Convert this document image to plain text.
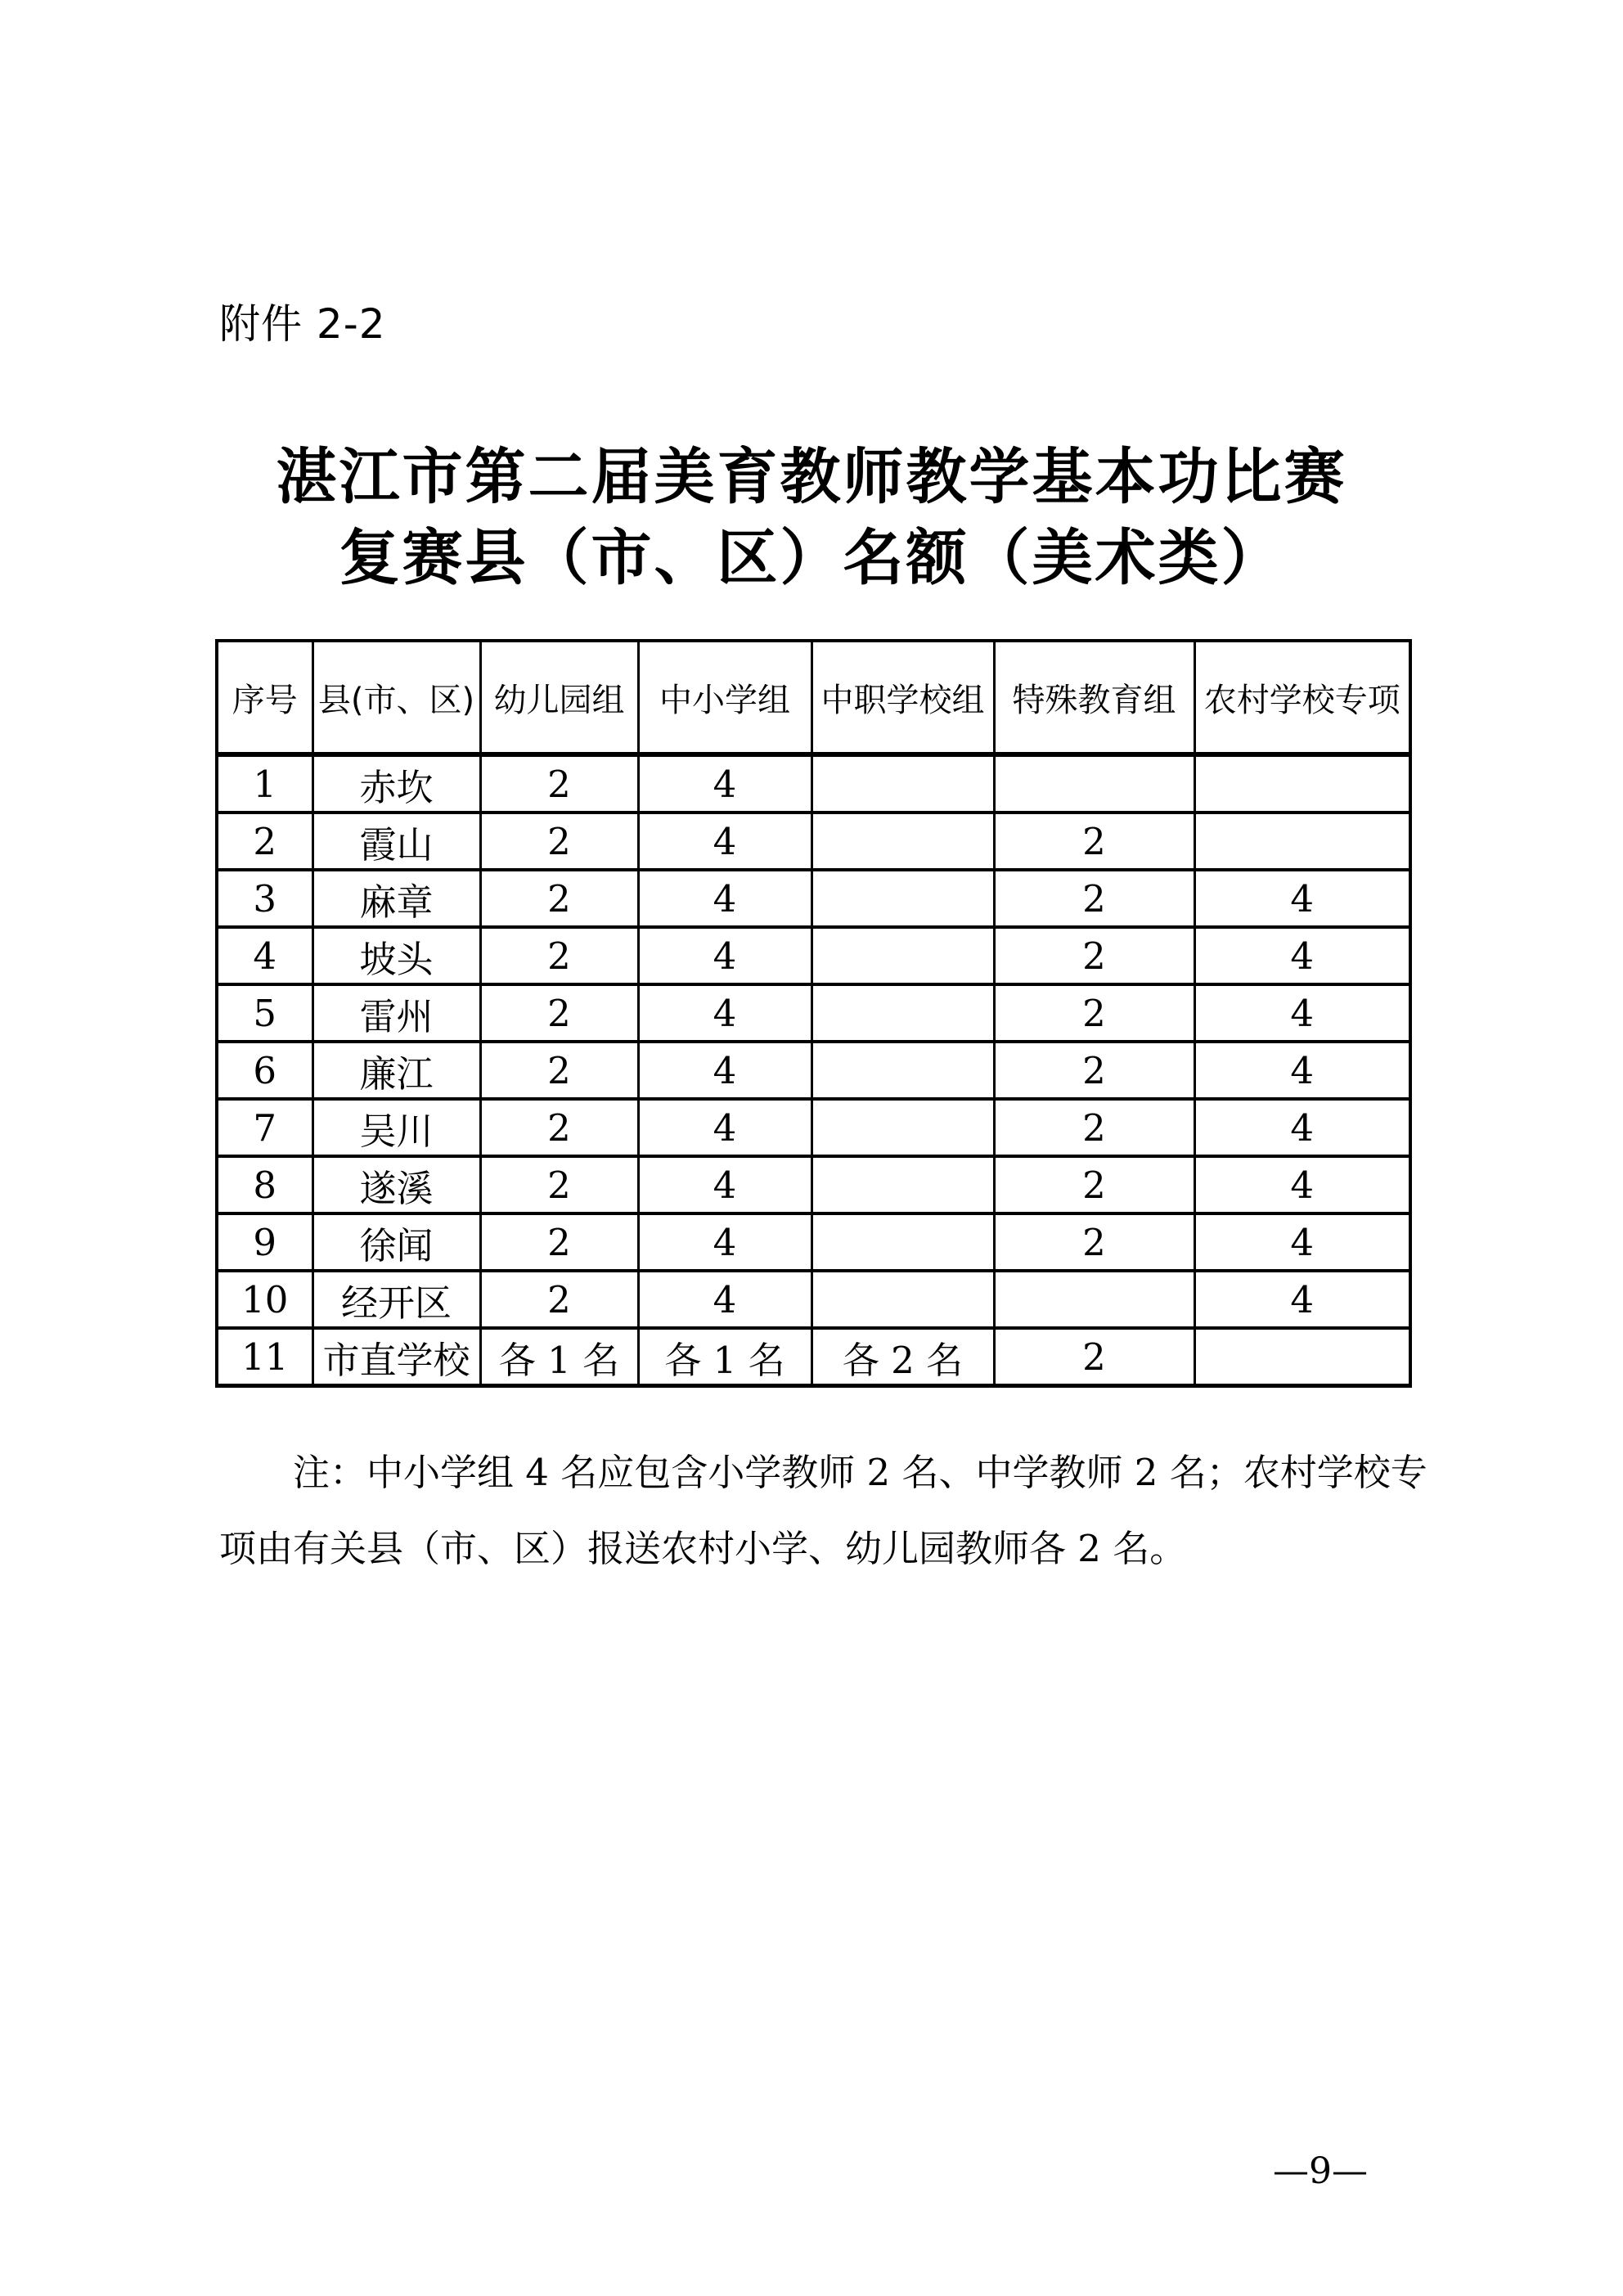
附件 2-2
湛江市第二届美育教师教学基本功比赛
复赛县（市、区）名额（美术类）
序号	县(市、区)	幼儿园组	中小学组	中职学校组	特殊教育组	农村学校专项
1	赤坎	2	4			
2	霞山	2	4		2	
3	麻章	2	4		2	4
4	坡头	2	4		2	4
5	雷州	2	4		2	4
6	廉江	2	4		2	4
7	吴川	2	4		2	4
8	遂溪	2	4		2	4
9	徐闻	2	4		2	4
10	经开区	2	4			4
11	市直学校	各 1 名	各 1 名	各 2 名	2	
注：中小学组 4 名应包含小学教师 2 名、中学教师 2 名；农村学校专
项由有关县（市、区）报送农村小学、幼儿园教师各 2 名。
—9—
